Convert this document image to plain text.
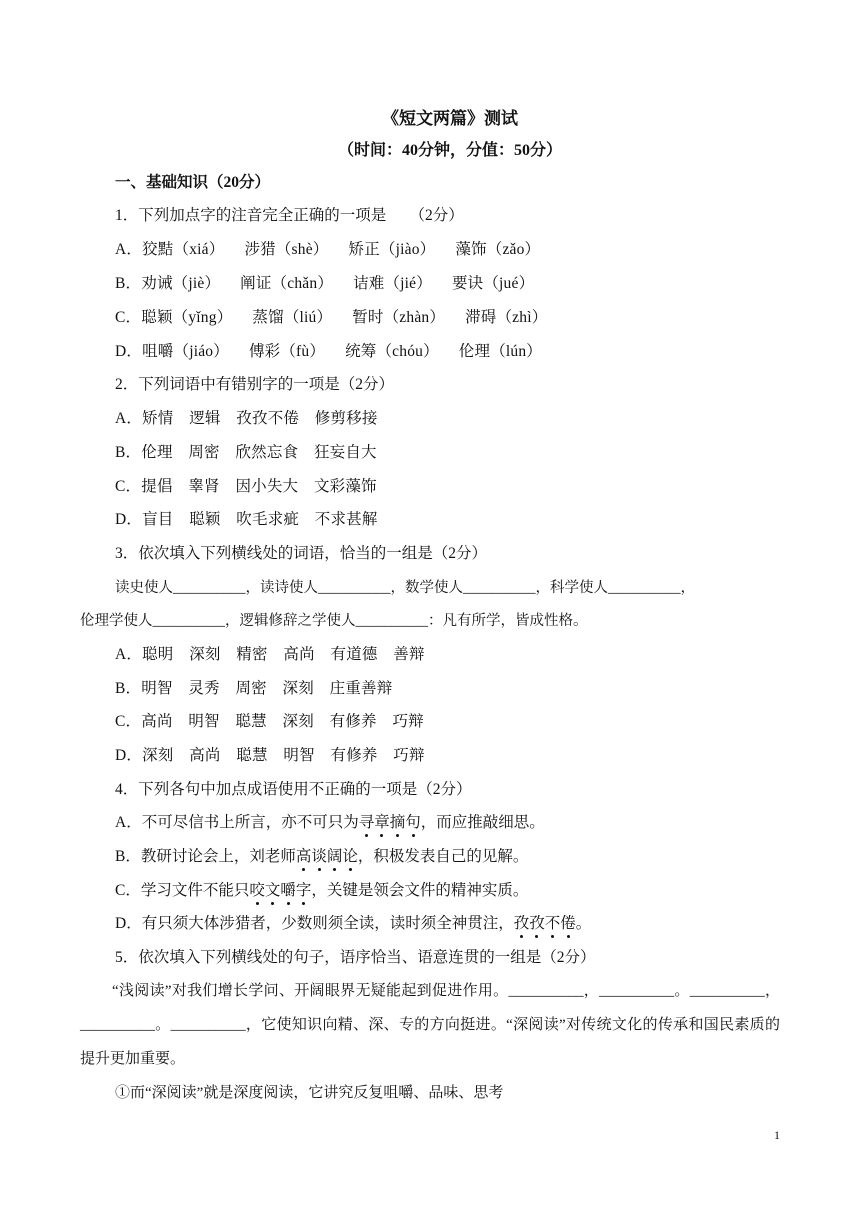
《短文两篇》测试
（时间：40分钟，分值：50分）
一、基础知识（20分）
1．下列加点字的注音完全正确的一项是　　（2分）
A．狡黠（xiá） 涉猎（shè） 矫正（jiào） 藻饰（zǎo）
B．劝诫（jiè） 阐证（chǎn） 诘难（jié） 要诀（jué）
C．聪颖（yǐng） 蒸馏（liú） 暂时（zhàn） 滞碍（zhì）
D．咀嚼（jiáo） 傅彩（fù） 统筹（chóu） 伦理（lún）
2．下列词语中有错别字的一项是（2分）
A．矫情　逻辑　孜孜不倦　修剪移接
B．伦理　周密　欣然忘食　狂妄自大
C．提倡　睾肾　因小失大　文彩藻饰
D．盲目　聪颖　吹毛求疵　不求甚解
3．依次填入下列横线处的词语，恰当的一组是（2分）
读史使人__________，读诗使人__________，数学使人__________，科学使人__________，
伦理学使人__________，逻辑修辞之学使人__________：凡有所学，皆成性格。
A．聪明　深刻　精密　高尚　有道德　善辩
B．明智　灵秀　周密　深刻　庄重善辩
C．高尚　明智　聪慧　深刻　有修养　巧辩
D．深刻　高尚　聪慧　明智　有修养　巧辩
4．下列各句中加点成语使用不正确的一项是（2分）
A．不可尽信书上所言，亦不可只为寻章摘句，而应推敲细思。
B．教研讨论会上，刘老师高谈阔论，积极发表自己的见解。
C．学习文件不能只咬文嚼字，关键是领会文件的精神实质。
D．有只须大体涉猎者，少数则须全读，读时须全神贯注，孜孜不倦。
5．依次填入下列横线处的句子，语序恰当、语意连贯的一组是（2分）
“浅阅读”对我们增长学问、开阔眼界无疑能起到促进作用。__________，__________。__________，__________。__________，它使知识向精、深、专的方向挺进。“深阅读”对传统文化的传承和国民素质的提升更加重要。
①而“深阅读”就是深度阅读，它讲究反复咀嚼、品味、思考
1
